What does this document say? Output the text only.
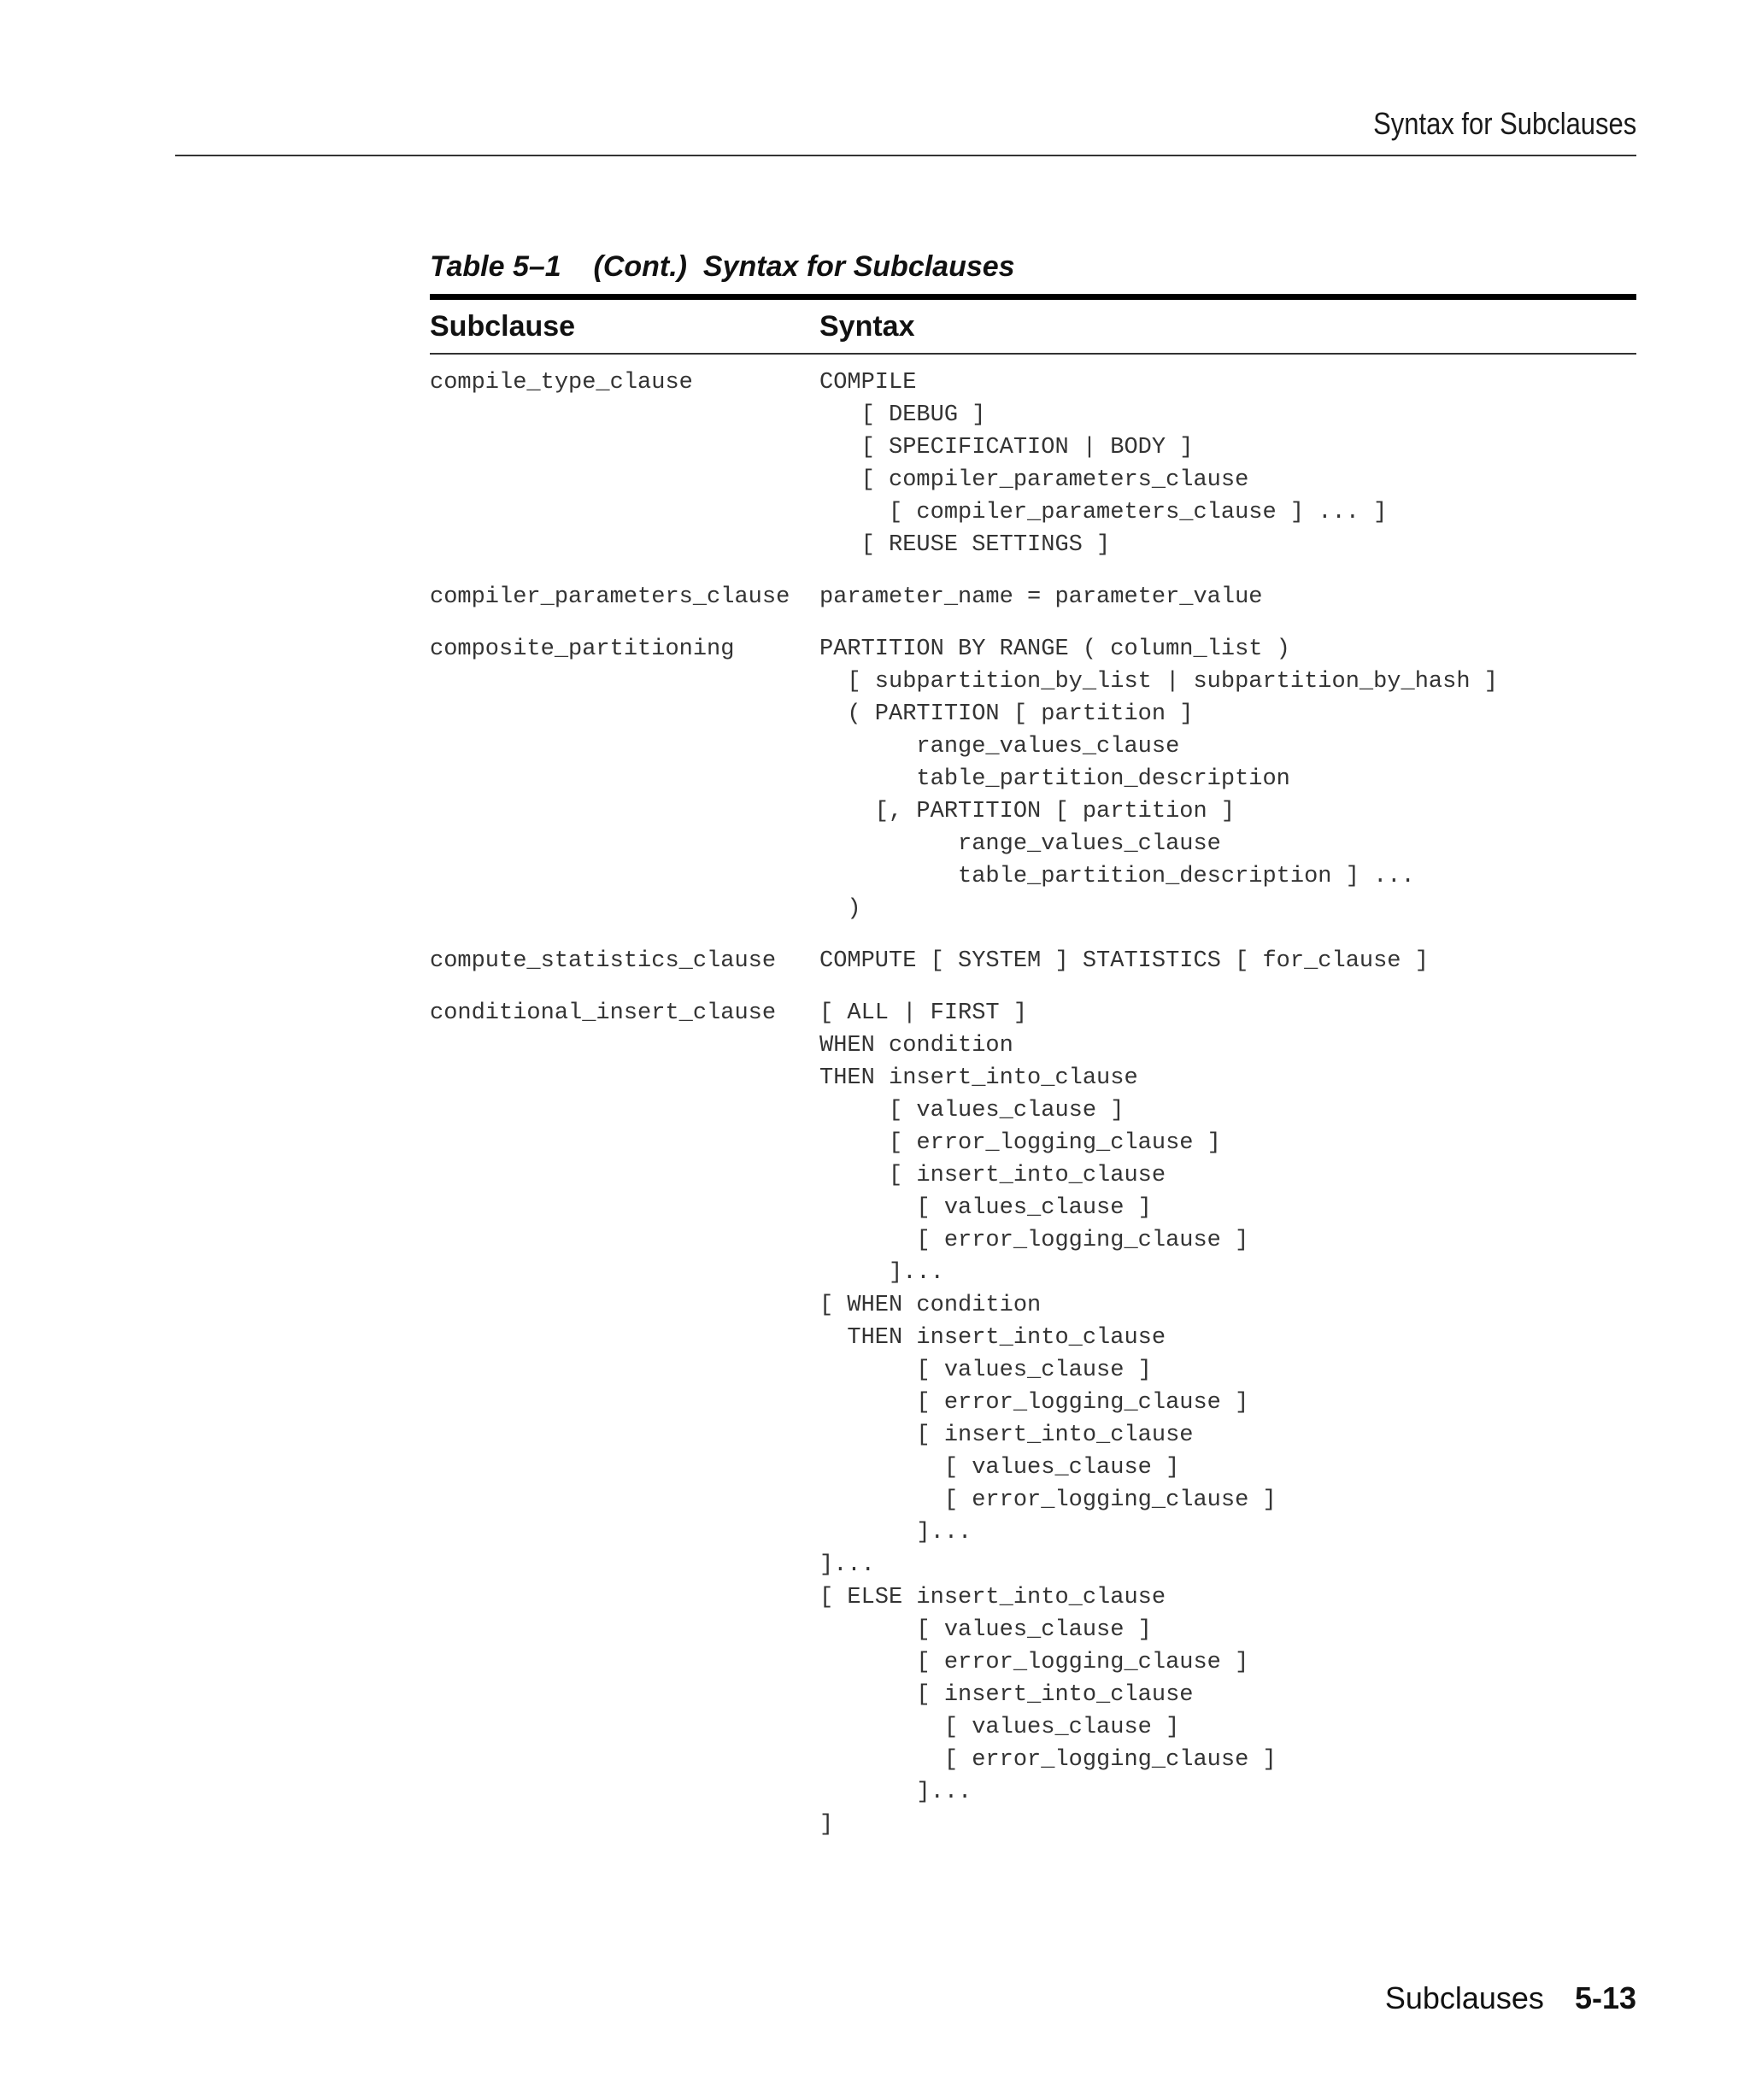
Syntax for Subclauses
Table 5–1    (Cont.)  Syntax for Subclauses
Subclause	Syntax
compile_type_clause	COMPILE
[ DEBUG ]
[ SPECIFICATION | BODY ]
[ compiler_parameters_clause
[ compiler_parameters_clause ] ... ]
[ REUSE SETTINGS ]
compiler_parameters_clause	parameter_name = parameter_value
composite_partitioning	PARTITION BY RANGE ( column_list )
[ subpartition_by_list | subpartition_by_hash ]
( PARTITION [ partition ]
range_values_clause
table_partition_description
[, PARTITION [ partition ]
range_values_clause
table_partition_description ] ...
)
compute_statistics_clause	COMPUTE [ SYSTEM ] STATISTICS [ for_clause ]
conditional_insert_clause	[ ALL | FIRST ]
WHEN condition
THEN insert_into_clause
[ values_clause ]
[ error_logging_clause ]
[ insert_into_clause
[ values_clause ]
[ error_logging_clause ]
]...
[ WHEN condition
THEN insert_into_clause
[ values_clause ]
[ error_logging_clause ]
[ insert_into_clause
[ values_clause ]
[ error_logging_clause ]
]...
]...
[ ELSE insert_into_clause
[ values_clause ]
[ error_logging_clause ]
[ insert_into_clause
[ values_clause ]
[ error_logging_clause ]
]...
]
Subclauses 5-13
